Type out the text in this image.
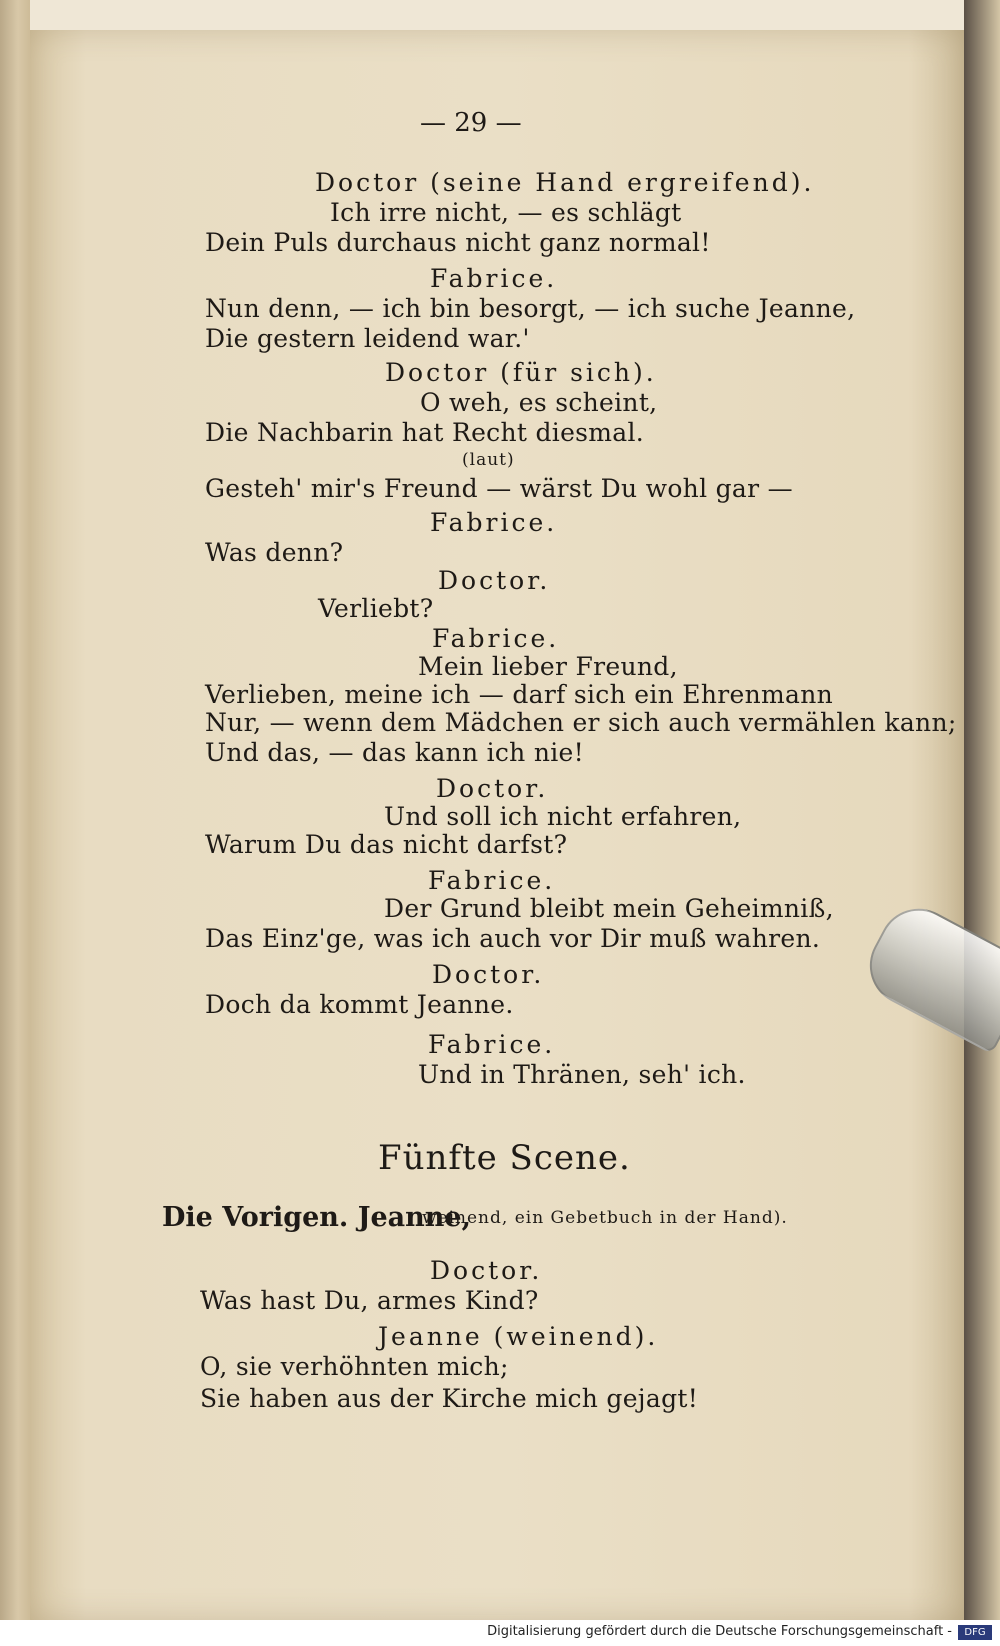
— 29 —
Doctor (seine Hand ergreifend).
Ich irre nicht, — es schlägt
Dein Puls durchaus nicht ganz normal!
Fabrice.
Nun denn, — ich bin besorgt, — ich suche Jeanne,
Die gestern leidend war.'
Doctor (für sich).
O weh, es scheint,
Die Nachbarin hat Recht diesmal.
(laut)
Gesteh' mir's Freund — wärst Du wohl gar —
Fabrice.
Was denn?
Doctor.
Verliebt?
Fabrice.
Mein lieber Freund,
Verlieben, meine ich — darf sich ein Ehrenmann
Nur, — wenn dem Mädchen er sich auch vermählen kann;
Und das, — das kann ich nie!
Doctor.
Und soll ich nicht erfahren,
Warum Du das nicht darfst?
Fabrice.
Der Grund bleibt mein Geheimniß,
Das Einz'ge, was ich auch vor Dir muß wahren.
Doctor.
Doch da kommt Jeanne.
Fabrice.
Und in Thränen, seh' ich.
Fünfte Scene.
Die Vorigen. Jeanne,
weinend, ein Gebetbuch in der Hand).
Doctor.
Was hast Du, armes Kind?
Jeanne (weinend).
O, sie verhöhnten mich;
Sie haben aus der Kirche mich gejagt!
Digitalisierung gefördert durch die Deutsche Forschungsgemeinschaft -	DFG
